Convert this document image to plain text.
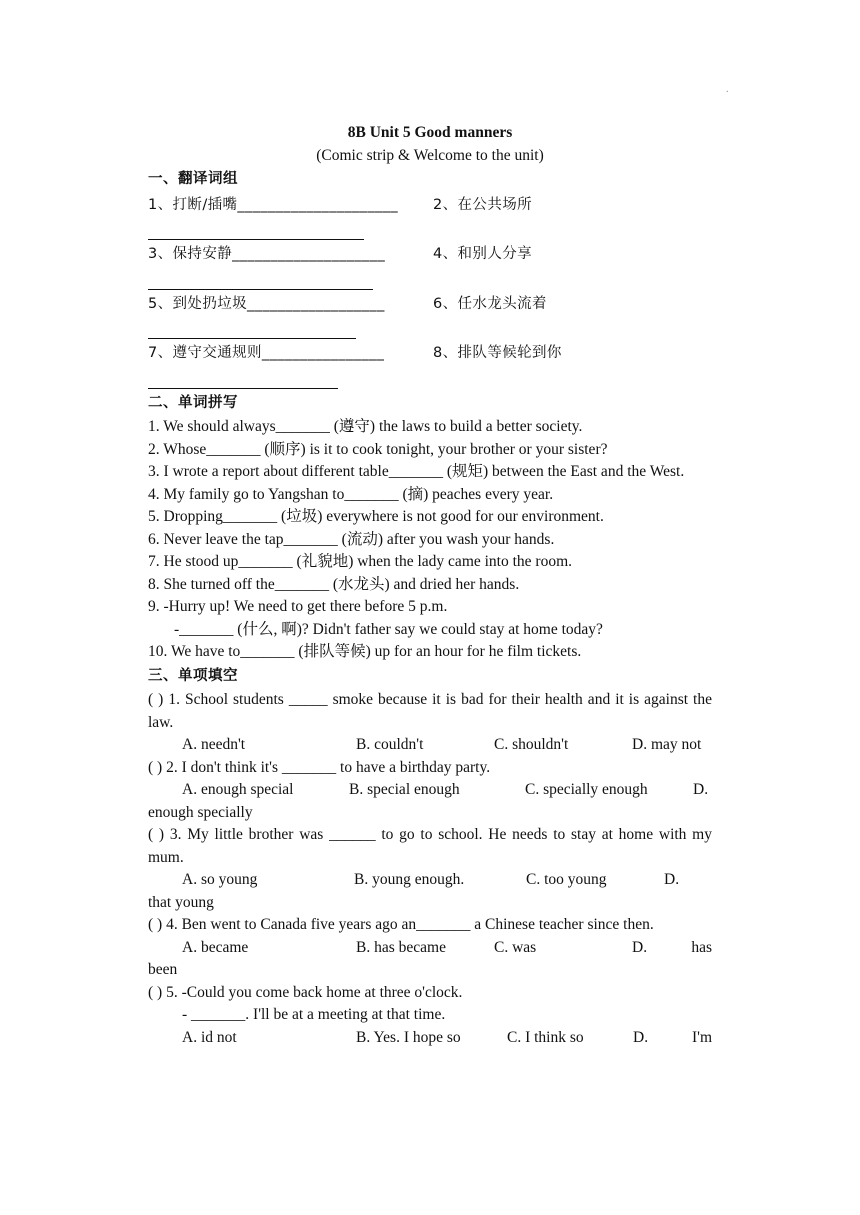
.

8B Unit 5 Good manners

(Comic strip & Welcome to the unit)

一、翻译词组
1、打断/插嘴_____________________	2、在公共场所
3、保持安静____________________	4、和别人分享
5、到处扔垃圾__________________	6、任水龙头流着
7、遵守交通规则________________	8、排队等候轮到你
二、单词拼写

1. We should always_______ (遵守) the laws to build a better society.

2. Whose_______ (顺序) is it to cook tonight, your brother or your sister?

3. I wrote a report about different table_______ (规矩) between the East and the West.

4. My family go to Yangshan to_______ (摘) peaches every year.

5. Dropping_______ (垃圾) everywhere is not good for our environment.

6. Never leave the tap_______ (流动) after you wash your hands.

7. He stood up_______ (礼貌地) when the lady came into the room.

8. She turned off the_______ (水龙头) and dried her hands.

9. -Hurry up! We need to get there before 5 p.m.

-_______ (什么, 啊)? Didn't father say we could stay at home today?

10. We have to_______ (排队等候) up for an hour for he film tickets.

三、单项填空

( ) 1. School students _____ smoke because it is bad for their health and it is against the law.

A. needn't	B. couldn't	C. shouldn't	D. may not

( ) 2. I don't think it's _______ to have a birthday party.

A. enough special	B. special enough	C. specially enough	D.

enough specially

( ) 3. My little brother was ______ to go to school. He needs to stay at home with my mum.

A. so young	B. young enough.	C. too young	D.

that young

( ) 4. Ben went to Canada five years ago an_______ a Chinese teacher since then.

A. became	B. has became	C. was	D.	has

been

( ) 5. -Could you come back home at three o'clock.

- _______. I'll be at a meeting at that time.

A. id not	B. Yes. I hope so	C. I think so	D.	I'm
